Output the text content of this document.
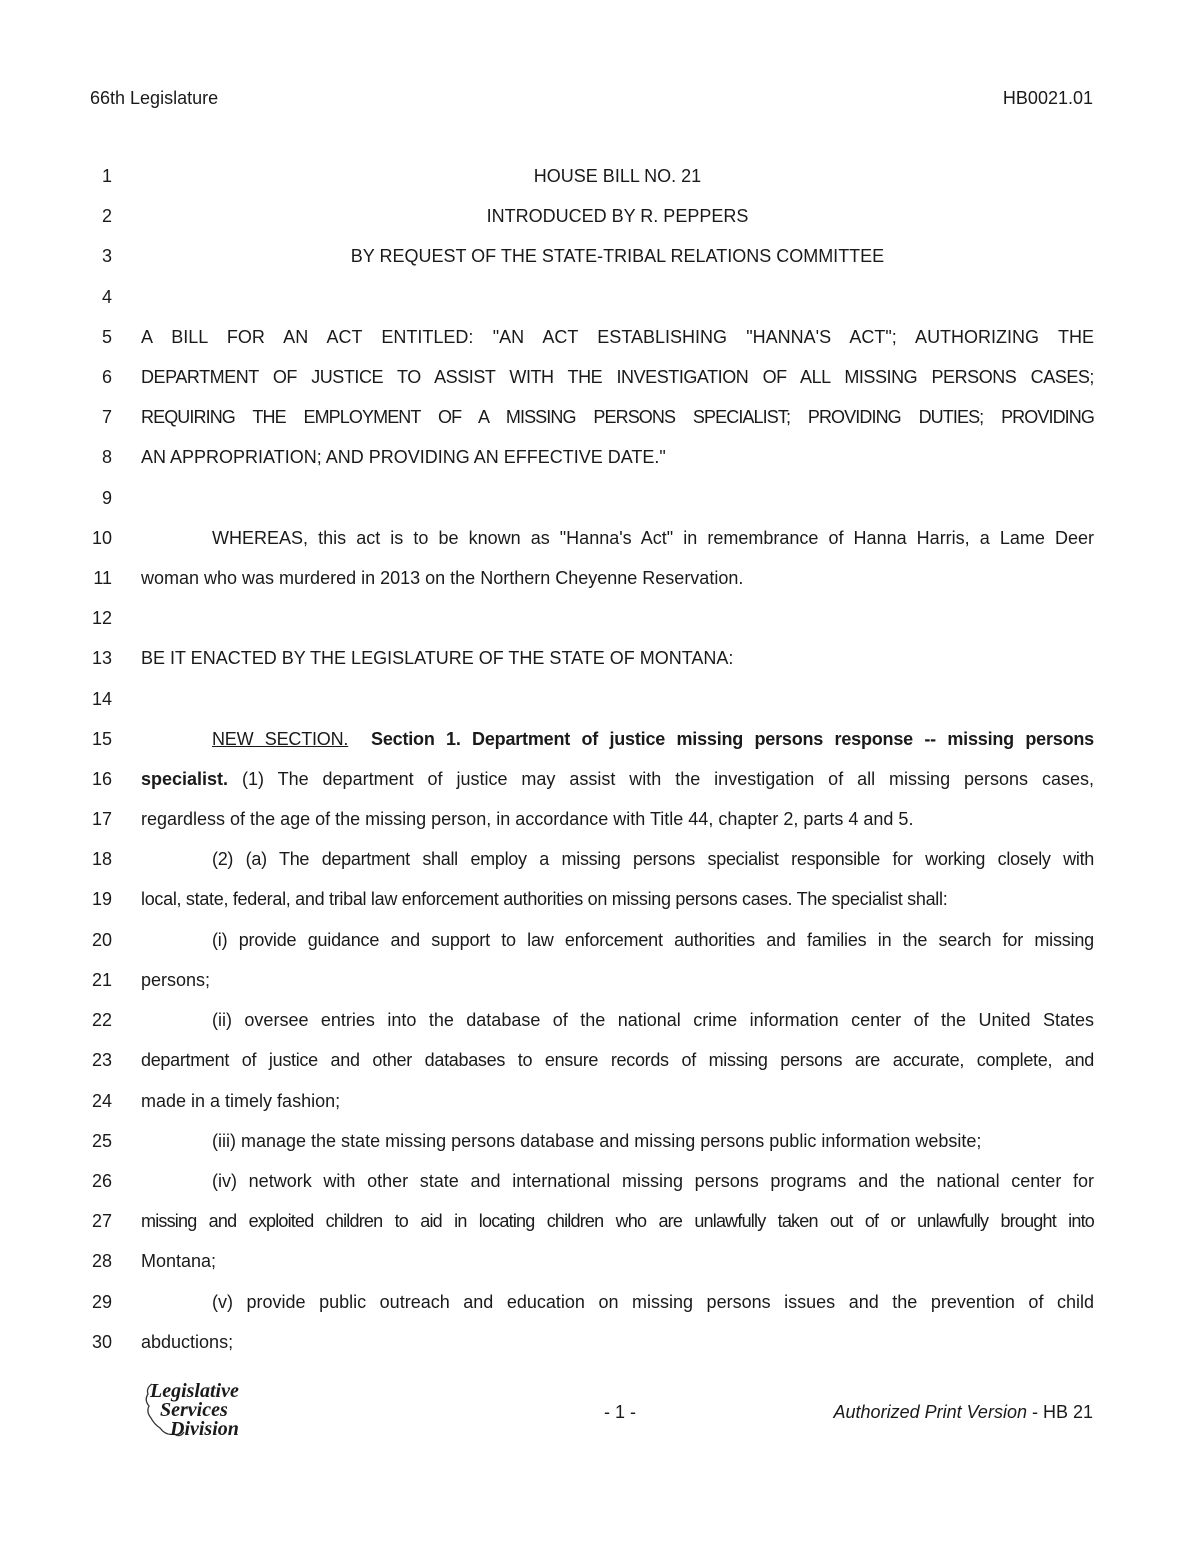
66th Legislature	HB0021.01
1	HOUSE BILL NO. 21
2	INTRODUCED BY R. PEPPERS
3	BY REQUEST OF THE STATE-TRIBAL RELATIONS COMMITTEE
4
5 A BILL FOR AN ACT ENTITLED: "AN ACT ESTABLISHING "HANNA'S ACT"; AUTHORIZING THE
6 DEPARTMENT OF JUSTICE TO ASSIST WITH THE INVESTIGATION OF ALL MISSING PERSONS CASES;
7 REQUIRING THE EMPLOYMENT OF A MISSING PERSONS SPECIALIST; PROVIDING DUTIES; PROVIDING
8 AN APPROPRIATION; AND PROVIDING AN EFFECTIVE DATE."
9
10	WHEREAS, this act is to be known as "Hanna's Act" in remembrance of Hanna Harris, a Lame Deer
11 woman who was murdered in 2013 on the Northern Cheyenne Reservation.
12
13 BE IT ENACTED BY THE LEGISLATURE OF THE STATE OF MONTANA:
14
15	NEW SECTION. Section 1. Department of justice missing persons response -- missing persons
16 specialist. (1) The department of justice may assist with the investigation of all missing persons cases,
17 regardless of the age of the missing person, in accordance with Title 44, chapter 2, parts 4 and 5.
18	(2) (a) The department shall employ a missing persons specialist responsible for working closely with
19 local, state, federal, and tribal law enforcement authorities on missing persons cases. The specialist shall:
20	(i) provide guidance and support to law enforcement authorities and families in the search for missing
21 persons;
22	(ii) oversee entries into the database of the national crime information center of the United States
23 department of justice and other databases to ensure records of missing persons are accurate, complete, and
24 made in a timely fashion;
25	(iii) manage the state missing persons database and missing persons public information website;
26	(iv) network with other state and international missing persons programs and the national center for
27 missing and exploited children to aid in locating children who are unlawfully taken out of or unlawfully brought into
28 Montana;
29	(v) provide public outreach and education on missing persons issues and the prevention of child
30 abductions;
Legislative
Services
Division
- 1 -	Authorized Print Version - HB 21
